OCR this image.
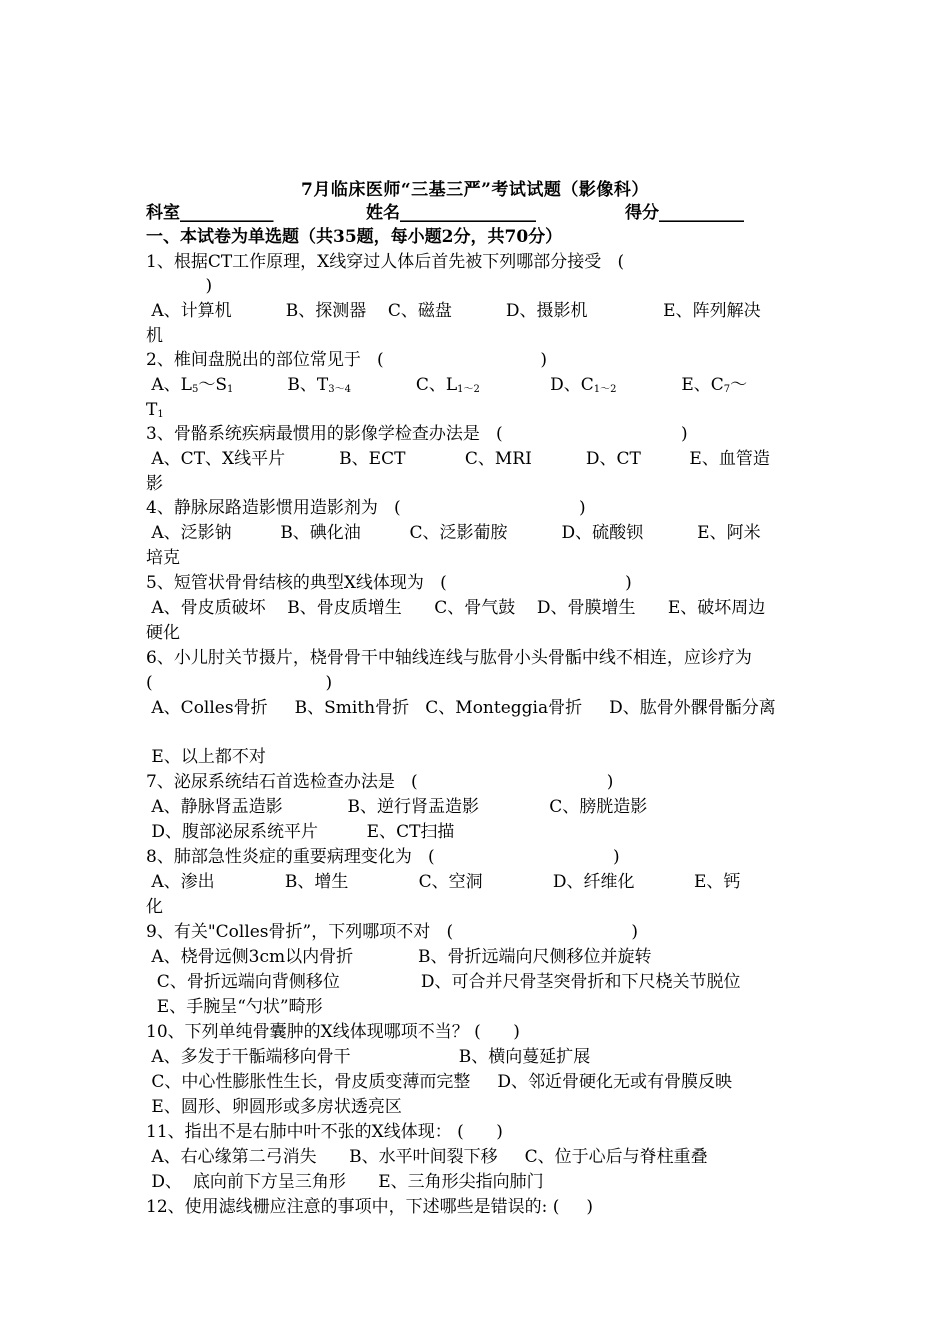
7月临床医师“三基三严”考试试题（影像科）
科室___________	姓名________________	得分__________
一、本试卷为单选题（共35题，每小题2分，共70分）
1、根据CT工作原理，X线穿过人体后首先被下列哪部分接受   (
)
A、计算机          B、探测器    C、磁盘          D、摄影机              E、阵列解决
机
2、椎间盘脱出的部位常见于   (                             )
A、$L_5\sim S_1$          B、$T_{3\sim 4}$            C、$L_{1\sim 2}$             D、$C_{1\sim 2}$            E、$C_7\sim$
$T_1$
3、骨骼系统疾病最惯用的影像学检查办法是   (                                 )
A、CT、X线平片          B、ECT           C、MRI          D、CT         E、血管造
影
4、静脉尿路造影惯用造影剂为   (                                 )
A、泛影钠         B、碘化油         C、泛影葡胺          D、硫酸钡          E、阿米
培克
5、短管状骨骨结核的典型X线体现为   (                                 )
A、骨皮质破坏    B、骨皮质增生      C、骨气鼓    D、骨膜增生      E、破坏周边
硬化
6、小儿肘关节摄片，桡骨骨干中轴线连线与肱骨小头骨骺中线不相连，应诊疗为
(                                )
A、Colles骨折     B、Smith骨折   C、Monteggia骨折     D、肱骨外髁骨骺分离
E、以上都不对
7、泌尿系统结石首选检查办法是   (                                   )
A、静脉肾盂造影            B、逆行肾盂造影             C、膀胱造影
D、腹部泌尿系统平片         E、CT扫描
8、肺部急性炎症的重要病理变化为   (                                 )
A、渗出             B、增生             C、空洞             D、纤维化           E、钙
化
9、有关"Colles骨折”，下列哪项不对   (                                 )
A、桡骨远侧3cm以内骨折            B、骨折远端向尺侧移位并旋转
C、骨折远端向背侧移位               D、可合并尺骨茎突骨折和下尺桡关节脱位
E、手腕呈“勺状”畸形
10、下列单纯骨囊肿的X线体现哪项不当？ (      )
A、多发于干骺端移向骨干                    B、横向蔓延扩展
C、中心性膨胀性生长，骨皮质变薄而完整     D、邻近骨硬化无或有骨膜反映
E、圆形、卵圆形或多房状透亮区
11、指出不是右肺中叶不张的X线体现： (      )
A、右心缘第二弓消失      B、水平叶间裂下移     C、位于心后与脊柱重叠
D、  底向前下方呈三角形      E、三角形尖指向肺门
12、使用滤线栅应注意的事项中，下述哪些是错误的: (     )
